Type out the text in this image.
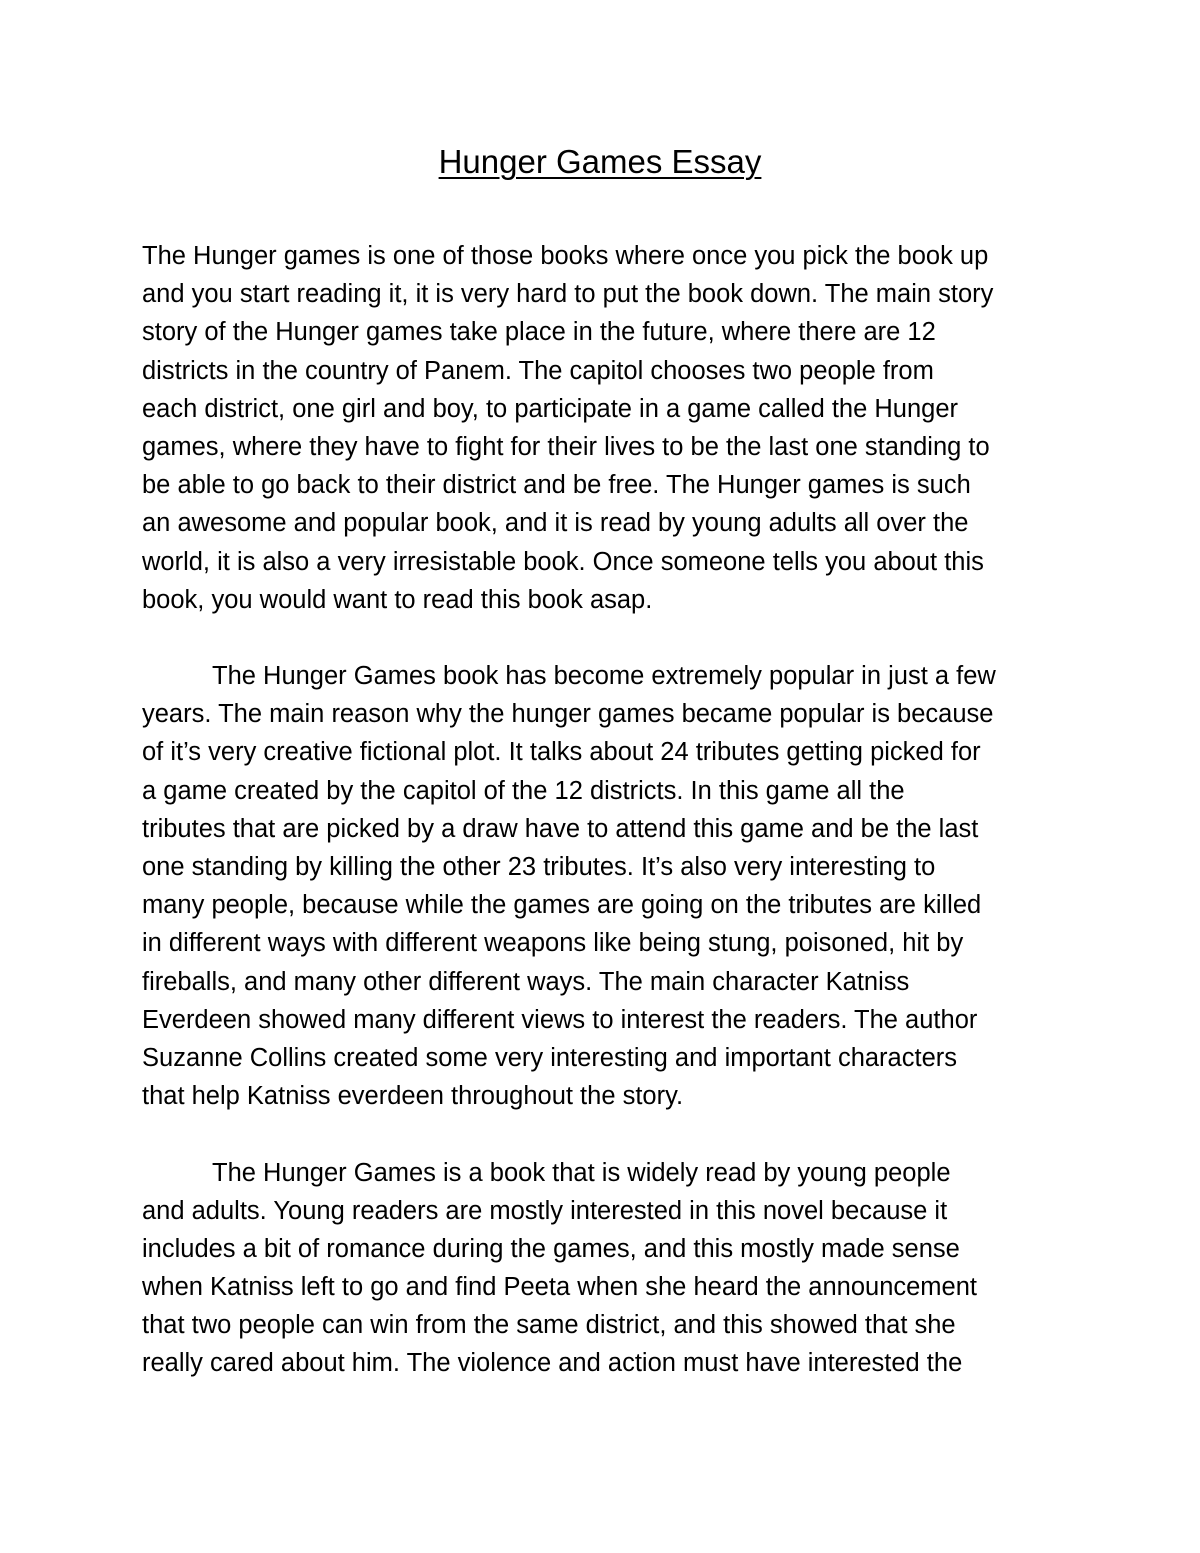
Hunger Games Essay
The Hunger games is one of those books where once you pick the book up
and you start reading it, it is very hard to put the book down. The main story
story of the Hunger games take place in the future, where there are 12
districts in the country of Panem. The capitol chooses two people from
each district, one girl and boy, to participate in a game called the Hunger
games, where they have to fight for their lives to be the last one standing to
be able to go back to their district and be free. The Hunger games is such
an awesome and popular book, and it is read by young adults all over the
world, it is also a very irresistable book. Once someone tells you about this
book, you would want to read this book asap.
The Hunger Games book has become extremely popular in just a few
years. The main reason why the hunger games became popular is because
of it’s very creative fictional plot. It talks about 24 tributes getting picked for
a game created by the capitol of the 12 districts. In this game all the
tributes that are picked by a draw have to attend this game and be the last
one standing by killing the other 23 tributes. It’s also very interesting to
many people, because while the games are going on the tributes are killed
in different ways with different weapons like being stung, poisoned, hit by
fireballs, and many other different ways. The main character Katniss
Everdeen showed many different views to interest the readers. The author
Suzanne Collins created some very interesting and important characters
that help Katniss everdeen throughout the story.
The Hunger Games is a book that is widely read by young people
and adults. Young readers are mostly interested in this novel because it
includes a bit of romance during the games, and this mostly made sense
when Katniss left to go and find Peeta when she heard the announcement
that two people can win from the same district, and this showed that she
really cared about him. The violence and action must have interested the
